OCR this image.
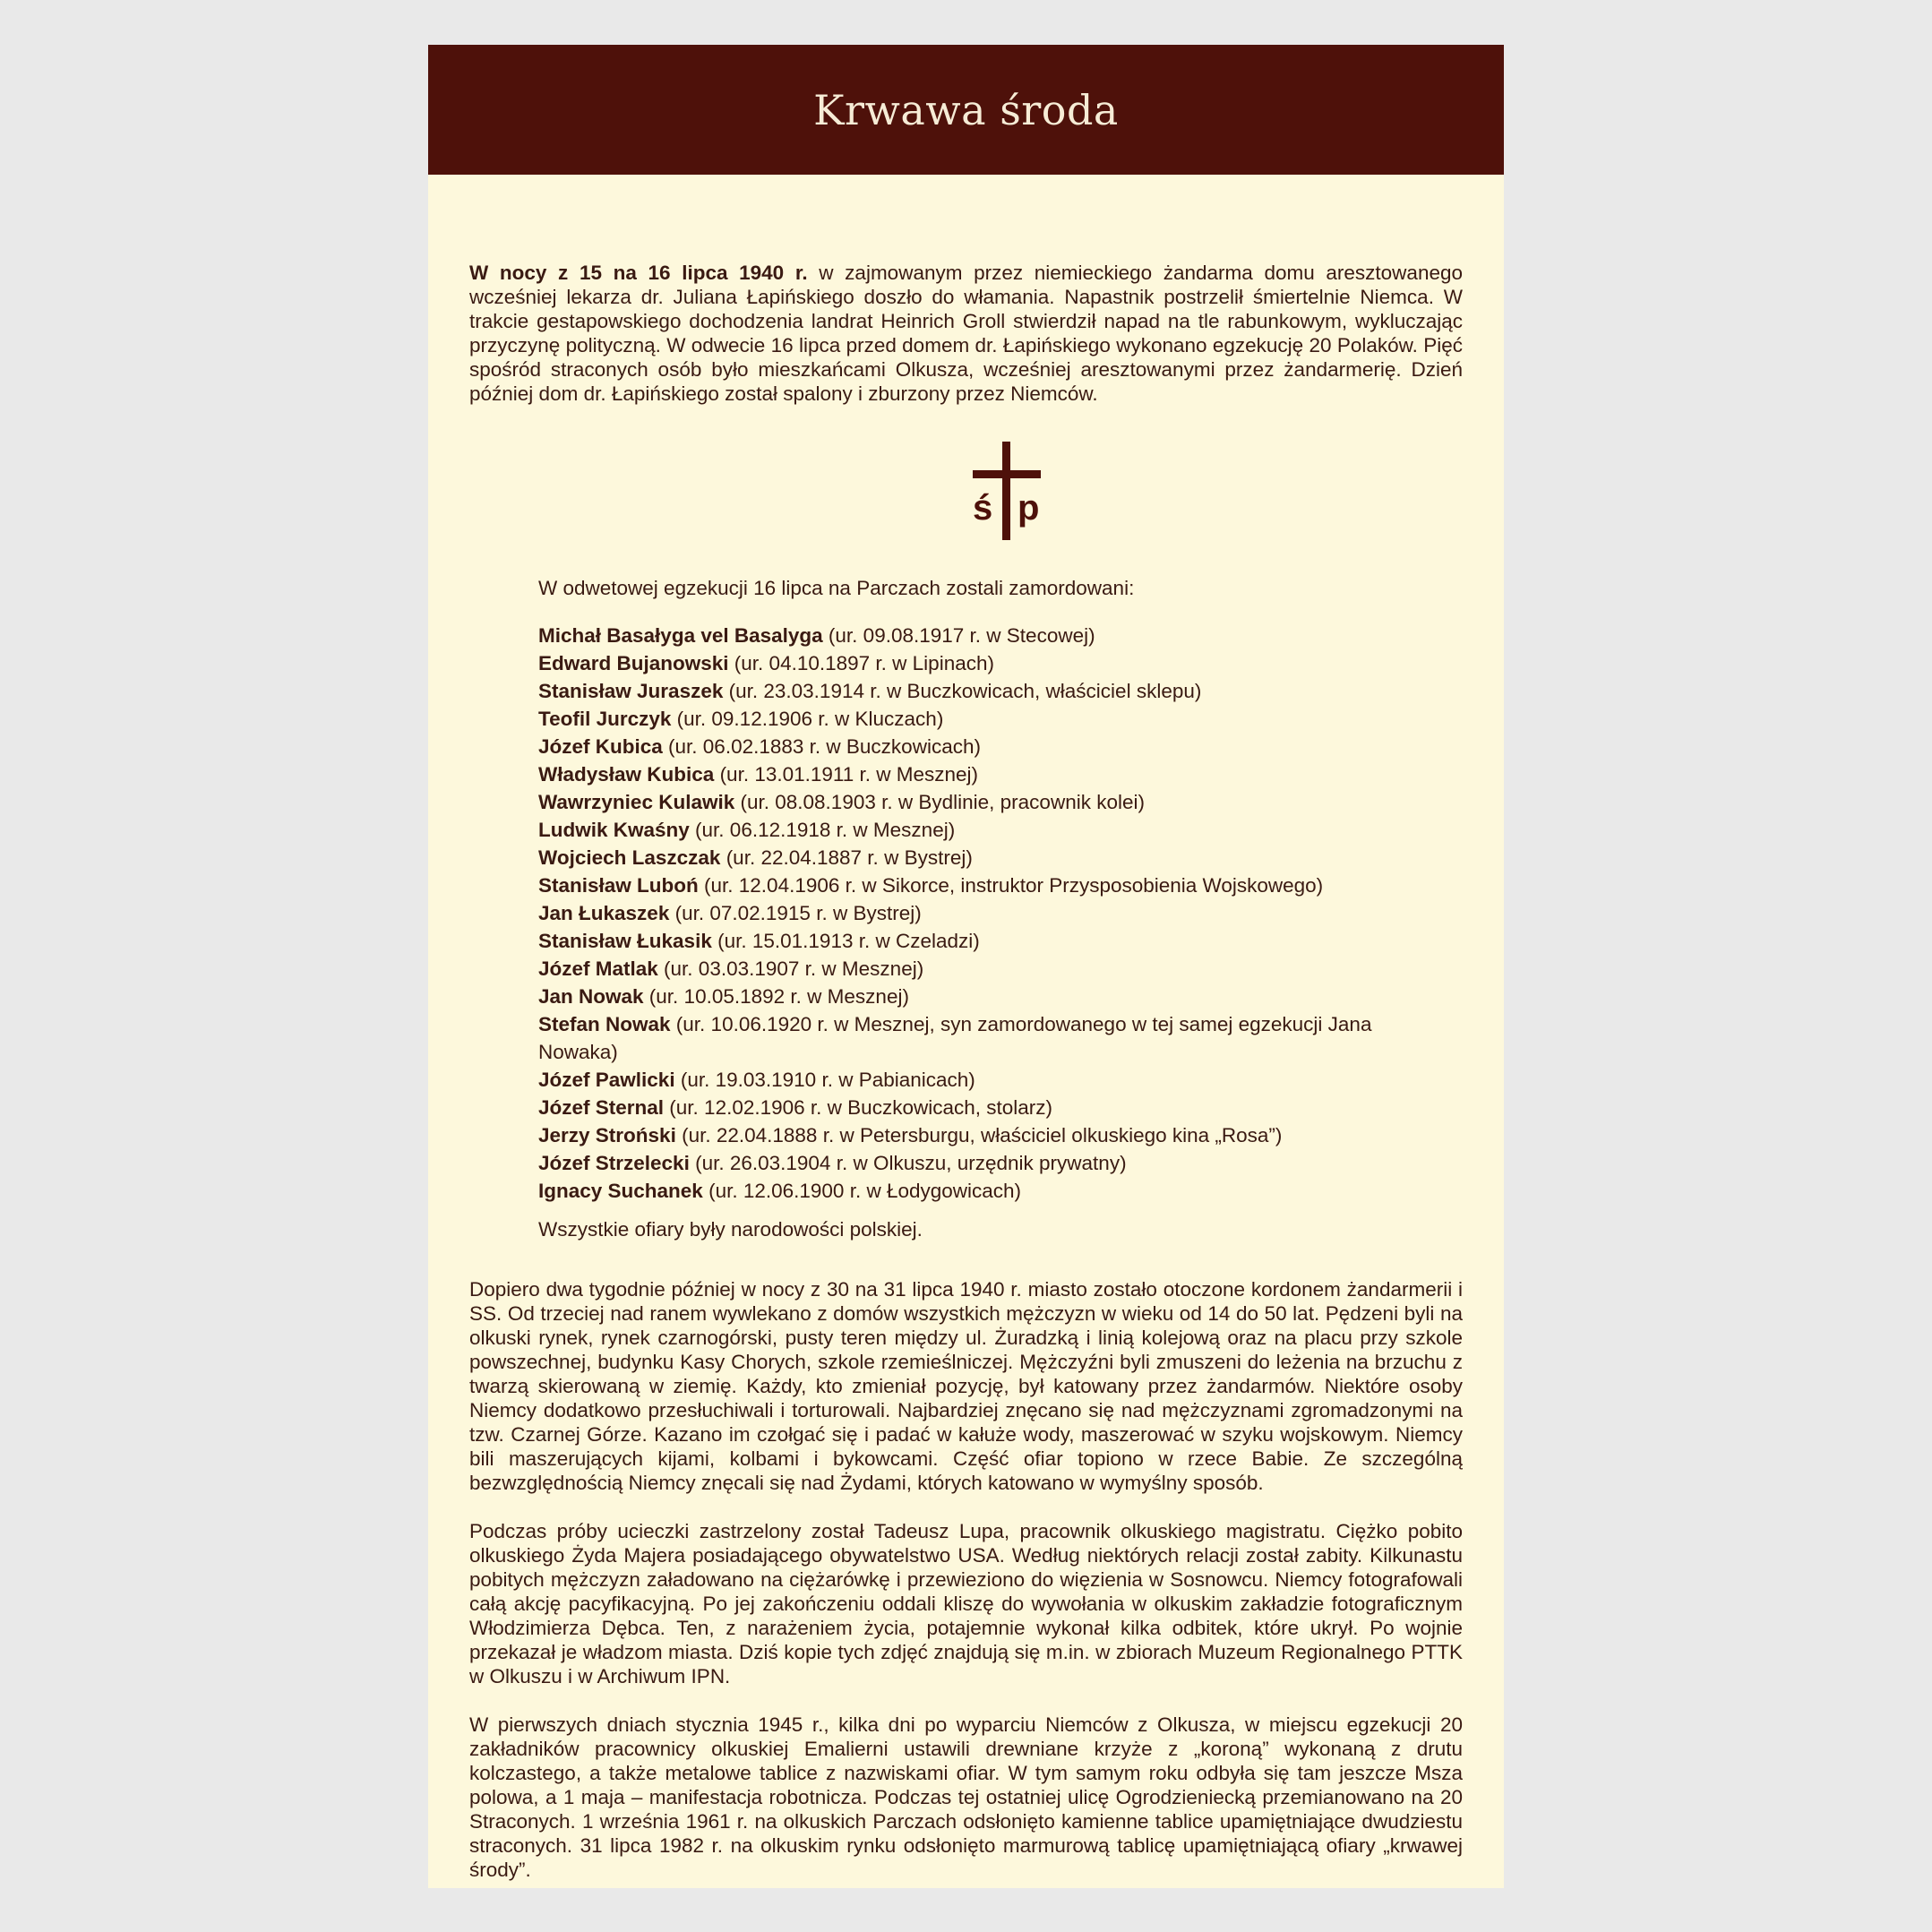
Krwawa środa

W nocy z 15 na 16 lipca 1940 r. w zajmowanym przez niemieckiego żandarma domu aresztowanego wcześniej lekarza dr. Juliana Łapińskiego doszło do włamania. Napastnik postrzelił śmiertelnie Niemca. W trakcie gestapowskiego dochodzenia landrat Heinrich Groll stwierdził napad na tle rabunkowym, wykluczając przyczynę polityczną. W odwecie 16 lipca przed domem dr. Łapińskiego wykonano egzekucję 20 Polaków. Pięć spośród straconych osób było mieszkańcami Olkusza, wcześniej aresztowanymi przez żandarmerię. Dzień później dom dr. Łapińskiego został spalony i zburzony przez Niemców.

ś p

W odwetowej egzekucji 16 lipca na Parczach zostali zamordowani:

Michał Basałyga vel Basalyga (ur. 09.08.1917 r. w Stecowej)
Edward Bujanowski (ur. 04.10.1897 r. w Lipinach)
Stanisław Juraszek (ur. 23.03.1914 r. w Buczkowicach, właściciel sklepu)
Teofil Jurczyk (ur. 09.12.1906 r. w Kluczach)
Józef Kubica (ur. 06.02.1883 r. w Buczkowicach)
Władysław Kubica (ur. 13.01.1911 r. w Mesznej)
Wawrzyniec Kulawik (ur. 08.08.1903 r. w Bydlinie, pracownik kolei)
Ludwik Kwaśny (ur. 06.12.1918 r. w Mesznej)
Wojciech Laszczak (ur. 22.04.1887 r. w Bystrej)
Stanisław Luboń (ur. 12.04.1906 r. w Sikorce, instruktor Przysposobienia Wojskowego)
Jan Łukaszek (ur. 07.02.1915 r. w Bystrej)
Stanisław Łukasik (ur. 15.01.1913 r. w Czeladzi)
Józef Matlak (ur. 03.03.1907 r. w Mesznej)
Jan Nowak (ur. 10.05.1892 r. w Mesznej)
Stefan Nowak (ur. 10.06.1920 r. w Mesznej, syn zamordowanego w tej samej egzekucji Jana Nowaka)
Józef Pawlicki (ur. 19.03.1910 r. w Pabianicach)
Józef Sternal (ur. 12.02.1906 r. w Buczkowicach, stolarz)
Jerzy Stroński (ur. 22.04.1888 r. w Petersburgu, właściciel olkuskiego kina „Rosa”)
Józef Strzelecki (ur. 26.03.1904 r. w Olkuszu, urzędnik prywatny)
Ignacy Suchanek (ur. 12.06.1900 r. w Łodygowicach)

Wszystkie ofiary były narodowości polskiej.

Dopiero dwa tygodnie później w nocy z 30 na 31 lipca 1940 r. miasto zostało otoczone kordonem żandarmerii i SS. Od trzeciej nad ranem wywlekano z domów wszystkich mężczyzn w wieku od 14 do 50 lat. Pędzeni byli na olkuski rynek, rynek czarnogórski, pusty teren między ul. Żuradzką i linią kolejową oraz na placu przy szkole powszechnej, budynku Kasy Chorych, szkole rzemieślniczej. Mężczyźni byli zmuszeni do leżenia na brzuchu z twarzą skierowaną w ziemię. Każdy, kto zmieniał pozycję, był katowany przez żandarmów. Niektóre osoby Niemcy dodatkowo przesłuchiwali i torturowali. Najbardziej znęcano się nad mężczyznami zgromadzonymi na tzw. Czarnej Górze. Kazano im czołgać się i padać w kałuże wody, maszerować w szyku wojskowym. Niemcy bili maszerujących kijami, kolbami i bykowcami. Część ofiar topiono w rzece Babie. Ze szczególną bezwzględnością Niemcy znęcali się nad Żydami, których katowano w wymyślny sposób.

Podczas próby ucieczki zastrzelony został Tadeusz Lupa, pracownik olkuskiego magistratu. Ciężko pobito olkuskiego Żyda Majera posiadającego obywatelstwo USA. Według niektórych relacji został zabity. Kilkunastu pobitych mężczyzn załadowano na ciężarówkę i przewieziono do więzienia w Sosnowcu. Niemcy fotografowali całą akcję pacyfikacyjną. Po jej zakończeniu oddali kliszę do wywołania w olkuskim zakładzie fotograficznym Włodzimierza Dębca. Ten, z narażeniem życia, potajemnie wykonał kilka odbitek, które ukrył. Po wojnie przekazał je władzom miasta. Dziś kopie tych zdjęć znajdują się m.in. w zbiorach Muzeum Regionalnego PTTK w Olkuszu i w Archiwum IPN.

W pierwszych dniach stycznia 1945 r., kilka dni po wyparciu Niemców z Olkusza, w miejscu egzekucji 20 zakładników pracownicy olkuskiej Emalierni ustawili drewniane krzyże z „koroną” wykonaną z drutu kolczastego, a także metalowe tablice z nazwiskami ofiar. W tym samym roku odbyła się tam jeszcze Msza polowa, a 1 maja – manifestacja robotnicza. Podczas tej ostatniej ulicę Ogrodzieniecką przemianowano na 20 Straconych. 1 września 1961 r. na olkuskich Parczach odsłonięto kamienne tablice upamiętniające dwudziestu straconych. 31 lipca 1982 r. na olkuskim rynku odsłonięto marmurową tablicę upamiętniającą ofiary „krwawej środy”.
